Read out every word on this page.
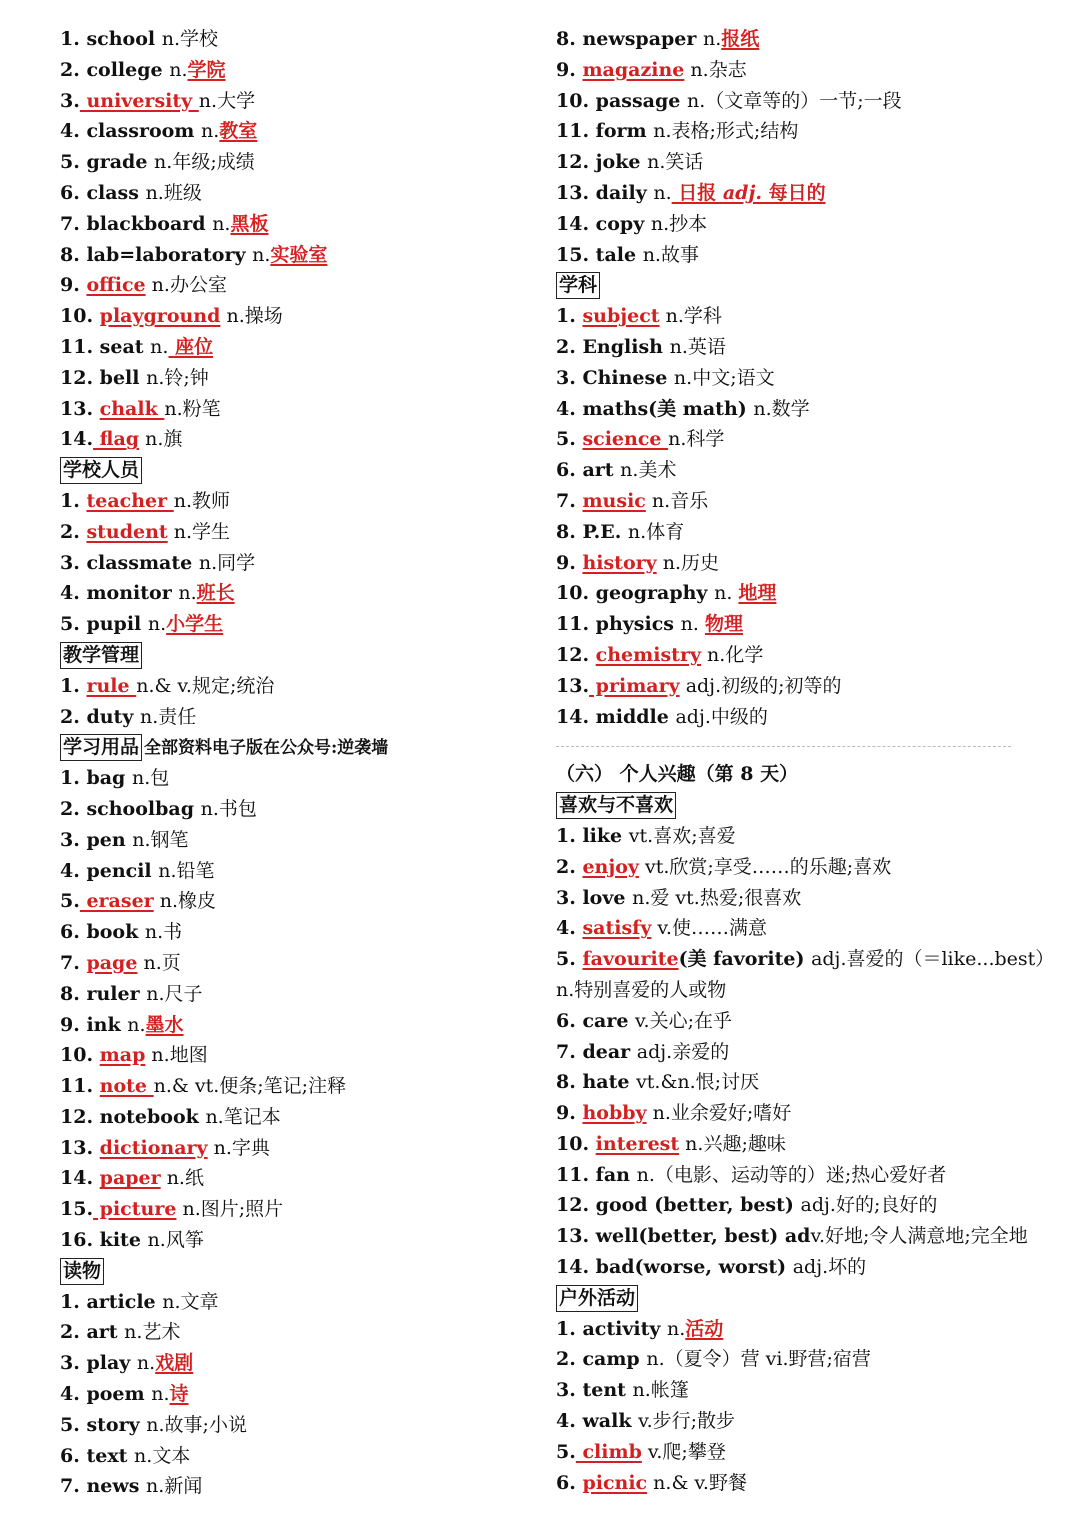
1. school n.学校
2. college n.学院
3. university n.大学
4. classroom n.教室
5. grade n.年级;成绩
6. class n.班级
7. blackboard n.黑板
8. lab=laboratory n.实验室
9. office n.办公室
10. playground n.操场
11. seat n. 座位
12. bell n.铃;钟
13. chalk n.粉笔
14. flag n.旗
学校人员
1. teacher n.教师
2. student n.学生
3. classmate n.同学
4. monitor n.班长
5. pupil n.小学生
教学管理
1. rule n.& v.规定;统治
2. duty n.责任
学习用品 全部资料电子版在公众号:逆袭墙
1. bag n.包
2. schoolbag n.书包
3. pen n.钢笔
4. pencil n.铅笔
5. eraser n.橡皮
6. book n.书
7. page n.页
8. ruler n.尺子
9. ink n.墨水
10. map n.地图
11. note n.& vt.便条;笔记;注释
12. notebook n.笔记本
13. dictionary n.字典
14. paper n.纸
15. picture n.图片;照片
16. kite n.风筝
读物
1. article n.文章
2. art n.艺术
3. play n.戏剧
4. poem n.诗
5. story n.故事;小说
6. text n.文本
7. news n.新闻
8. newspaper n.报纸
9. magazine n.杂志
10. passage n.（文章等的）一节;一段
11. form n.表格;形式;结构
12. joke n.笑话
13. daily n. 日报 adj. 每日的
14. copy n.抄本
15. tale n.故事
学科
1. subject n.学科
2. English n.英语
3. Chinese n.中文;语文
4. maths(美 math) n.数学
5. science n.科学
6. art n.美术
7. music n.音乐
8. P.E. n.体育
9. history n.历史
10. geography n. 地理
11. physics n. 物理
12. chemistry n.化学
13. primary adj.初级的;初等的
14. middle adj.中级的
（六） 个人兴趣（第 8 天）
喜欢与不喜欢
1. like vt.喜欢;喜爱
2. enjoy vt.欣赏;享受……的乐趣;喜欢
3. love n.爱 vt.热爱;很喜欢
4. satisfy v.使……满意
5. favourite(美 favorite) adj.喜爱的（＝like...best）
n.特别喜爱的人或物
6. care v.关心;在乎
7. dear adj.亲爱的
8. hate vt.&n.恨;讨厌
9. hobby n.业余爱好;嗜好
10. interest n.兴趣;趣味
11. fan n.（电影、运动等的）迷;热心爱好者
12. good (better, best) adj.好的;良好的
13. well(better, best) adv.好地;令人满意地;完全地
14. bad(worse, worst) adj.坏的
户外活动
1. activity n.活动
2. camp n.（夏令）营 vi.野营;宿营
3. tent n.帐篷
4. walk v.步行;散步
5. climb v.爬;攀登
6. picnic n.& v.野餐
